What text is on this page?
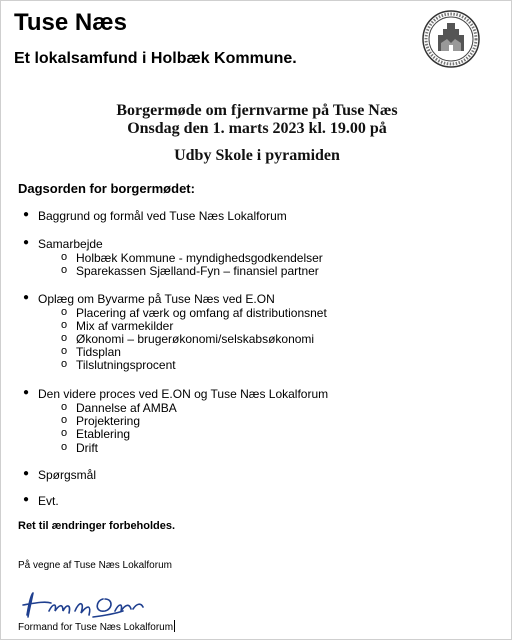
Tuse Næs
Et lokalsamfund i Holbæk Kommune.
Borgermøde om fjernvarme på Tuse Næs
Onsdag den 1. marts 2023 kl. 19.00 på
Udby Skole i pyramiden
Dagsorden for borgermødet:
● Baggrund og formål ved Tuse Næs Lokalforum
● Samarbejde
o Holbæk Kommune - myndighedsgodkendelser
o Sparekassen Sjælland-Fyn – finansiel partner
● Oplæg om Byvarme på Tuse Næs ved E.ON
o Placering af værk og omfang af distributionsnet
o Mix af varmekilder
o Økonomi – brugerøkonomi/selskabsøkonomi
o Tidsplan
o Tilslutningsprocent
● Den videre proces ved E.ON og Tuse Næs Lokalforum
o Dannelse af AMBA
o Projektering
o Etablering
o Drift
● Spørgsmål
● Evt.
Ret til ændringer forbeholdes.
På vegne af Tuse Næs Lokalforum
Formand for Tuse Næs Lokalforum
